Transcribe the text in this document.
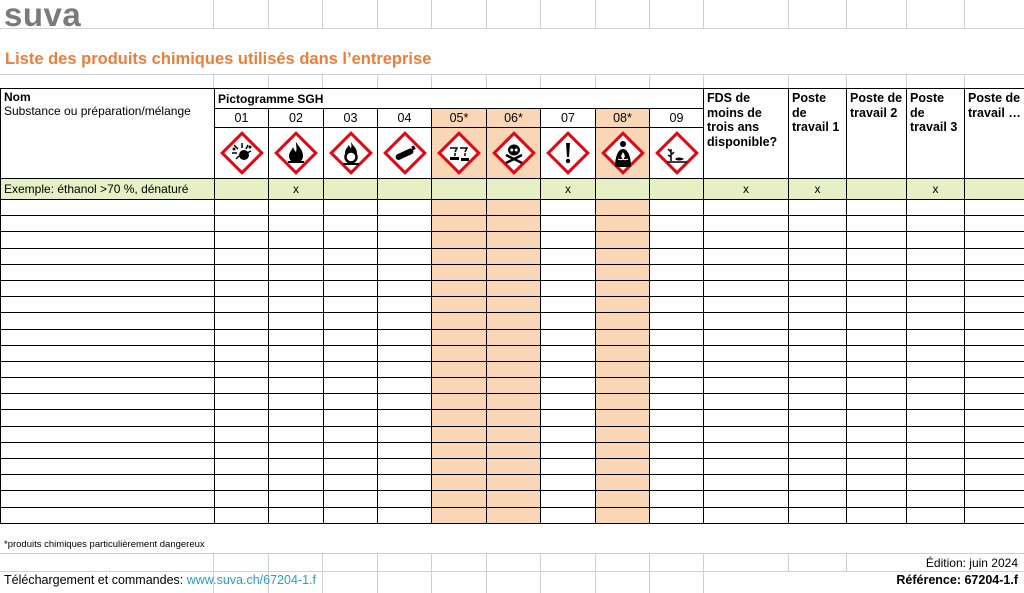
suva
Liste des produits chimiques utilisés dans l’entreprise
Nom
Substance ou préparation/mélange	Pictogramme SGH									FDS de moins de trois ans disponible?	Poste de travail 1	Poste de travail 2	Poste de travail 3	Poste de travail …
	01	02	03	04	05*	06*	07	08*	09					

Exemple: éthanol >70 %, dénaturé		x					x			x	x		x	

*produits chimiques particulièrement dangereux
Édition: juin 2024
Téléchargement et commandes: www.suva.ch/67204-1.f	Référence: 67204-1.f
